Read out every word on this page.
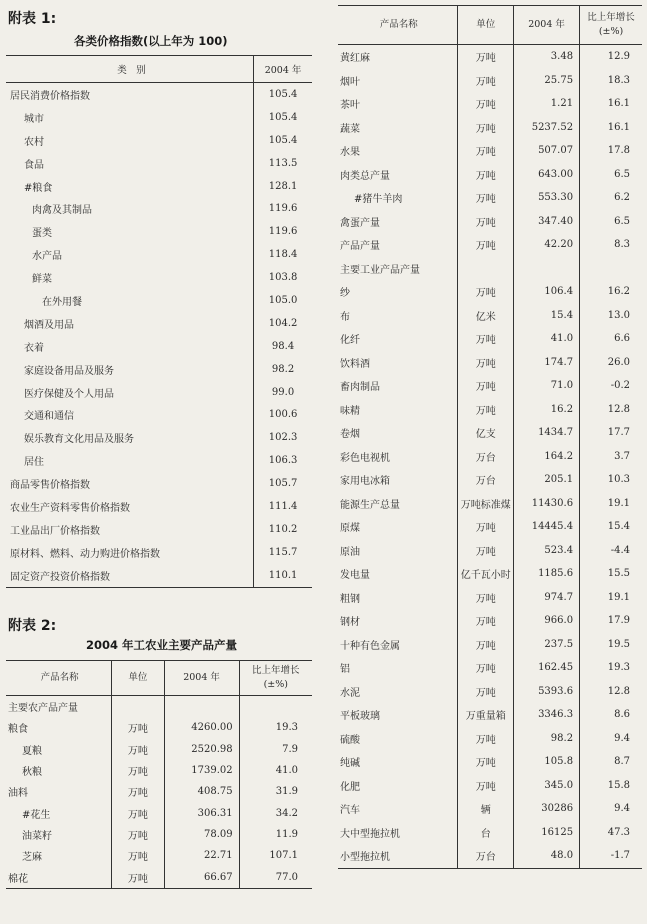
附表 1:
各类价格指数(以上年为 100)
类　别	2004 年
居民消费价格指数	105.4
城市	105.4
农村	105.4
食品	113.5
#粮食	128.1
肉禽及其制品	119.6
蛋类	119.6
水产品	118.4
鲜菜	103.8
在外用餐	105.0
烟酒及用品	104.2
衣着	98.4
家庭设备用品及服务	98.2
医疗保健及个人用品	99.0
交通和通信	100.6
娱乐教育文化用品及服务	102.3
居住	106.3
商品零售价格指数	105.7
农业生产资料零售价格指数	111.4
工业品出厂价格指数	110.2
原材料、燃料、动力购进价格指数	115.7
固定资产投资价格指数	110.1
附表 2:
2004 年工农业主要产品产量
产品名称	单位	2004 年	比上年增长
(±%)

主要农产品产量			
粮食	万吨	4260.00	19.3
夏粮	万吨	2520.98	7.9
秋粮	万吨	1739.02	41.0
油料	万吨	408.75	31.9
#花生	万吨	306.31	34.2
油菜籽	万吨	78.09	11.9
芝麻	万吨	22.71	107.1
棉花	万吨	66.67	77.0
产品名称	单位	2004 年	比上年增长
(±%)

黄红麻	万吨	3.48	12.9
烟叶	万吨	25.75	18.3
茶叶	万吨	1.21	16.1
蔬菜	万吨	5237.52	16.1
水果	万吨	507.07	17.8
肉类总产量	万吨	643.00	6.5
#猪牛羊肉	万吨	553.30	6.2
禽蛋产量	万吨	347.40	6.5
产品产量	万吨	42.20	8.3
主要工业产品产量			
纱	万吨	106.4	16.2
布	亿米	15.4	13.0
化纤	万吨	41.0	6.6
饮料酒	万吨	174.7	26.0
畜肉制品	万吨	71.0	-0.2
味精	万吨	16.2	12.8
卷烟	亿支	1434.7	17.7
彩色电视机	万台	164.2	3.7
家用电冰箱	万台	205.1	10.3
能源生产总量	万吨标准煤	11430.6	19.1
原煤	万吨	14445.4	15.4
原油	万吨	523.4	-4.4
发电量	亿千瓦小时	1185.6	15.5
粗钢	万吨	974.7	19.1
钢材	万吨	966.0	17.9
十种有色金属	万吨	237.5	19.5
铝	万吨	162.45	19.3
水泥	万吨	5393.6	12.8
平板玻璃	万重量箱	3346.3	8.6
硫酸	万吨	98.2	9.4
纯碱	万吨	105.8	8.7
化肥	万吨	345.0	15.8
汽车	辆	30286	9.4
大中型拖拉机	台	16125	47.3
小型拖拉机	万台	48.0	-1.7
